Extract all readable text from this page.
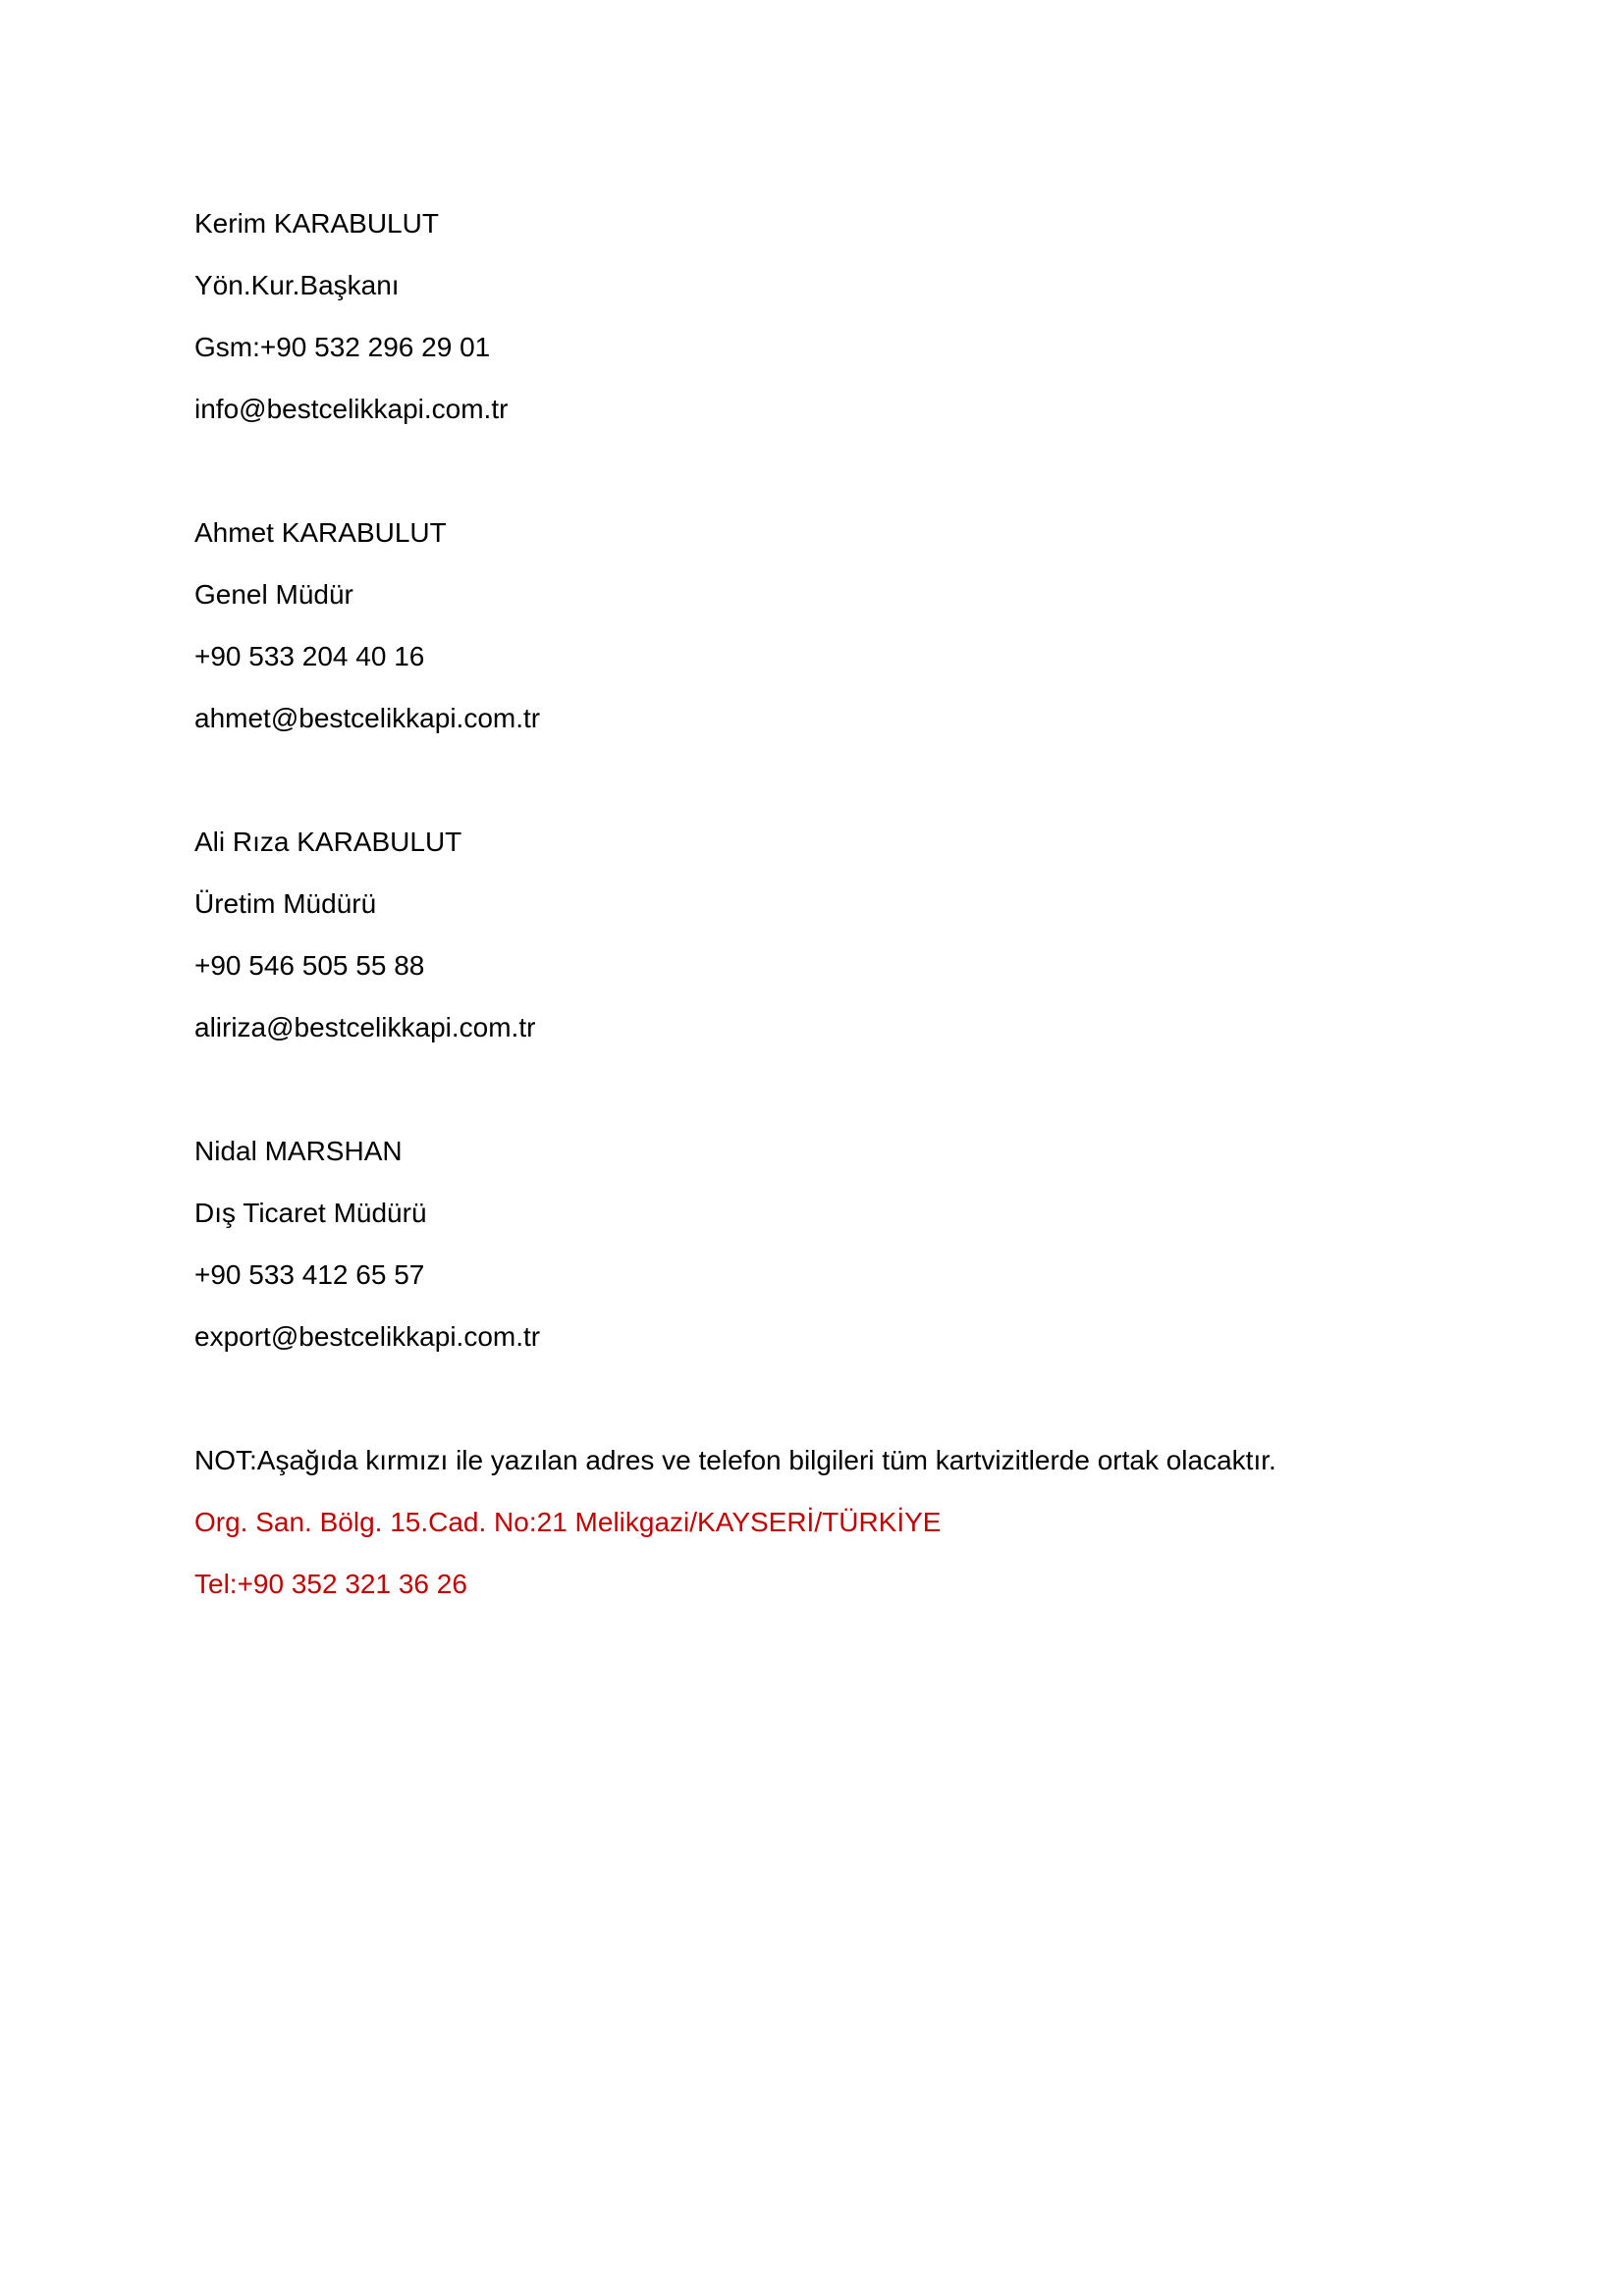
Kerim KARABULUT
Yön.Kur.Başkanı
Gsm:+90 532 296 29 01
info@bestcelikkapi.com.tr
Ahmet KARABULUT
Genel Müdür
+90 533 204 40 16
ahmet@bestcelikkapi.com.tr
Ali Rıza KARABULUT
Üretim Müdürü
+90 546 505 55 88
aliriza@bestcelikkapi.com.tr
Nidal MARSHAN
Dış Ticaret Müdürü
+90 533 412 65 57
export@bestcelikkapi.com.tr
NOT:Aşağıda kırmızı ile yazılan adres ve telefon bilgileri tüm kartvizitlerde ortak olacaktır.
Org. San. Bölg. 15.Cad. No:21 Melikgazi/KAYSERİ/TÜRKİYE
Tel:+90 352 321 36 26
